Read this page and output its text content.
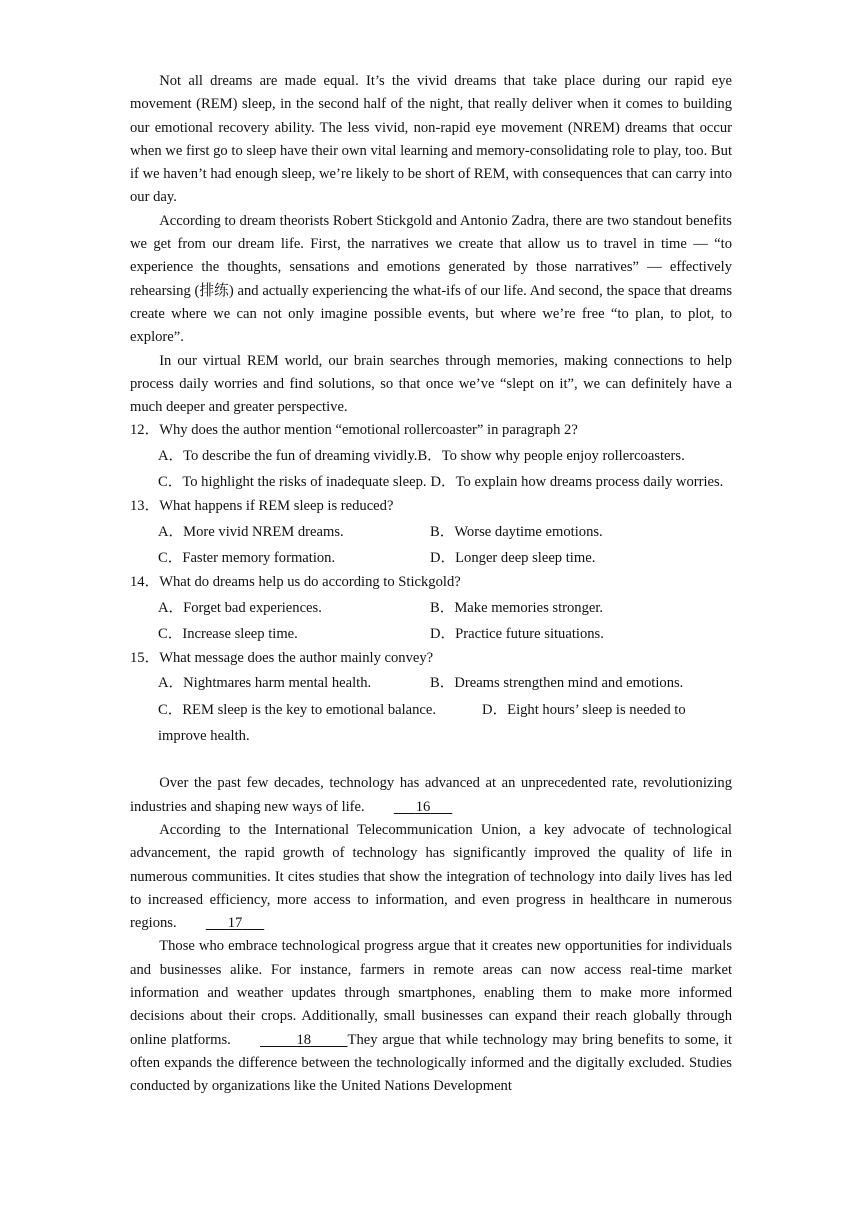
Not all dreams are made equal. It’s the vivid dreams that take place during our rapid eye movement (REM) sleep, in the second half of the night, that really deliver when it comes to building our emotional recovery ability. The less vivid, non-rapid eye movement (NREM) dreams that occur when we first go to sleep have their own vital learning and memory-consolidating role to play, too. But if we haven’t had enough sleep, we’re likely to be short of REM, with consequences that can carry into our day.

According to dream theorists Robert Stickgold and Antonio Zadra, there are two standout benefits we get from our dream life. First, the narratives we create that allow us to travel in time — “to experience the thoughts, sensations and emotions generated by those narratives” — effectively rehearsing (排练) and actually experiencing the what-ifs of our life. And second, the space that dreams create where we can not only imagine possible events, but where we’re free “to plan, to plot, to explore”.

In our virtual REM world, our brain searches through memories, making connections to help process daily worries and find solutions, so that once we’ve “slept on it”, we can definitely have a much deeper and greater perspective.

12．Why does the author mention “emotional rollercoaster” in paragraph 2?
A．To describe the fun of dreaming vividly. B．To show why people enjoy rollercoasters.
C．To highlight the risks of inadequate sleep. D．To explain how dreams process daily worries.
13．What happens if REM sleep is reduced?
A．More vivid NREM dreams.	B．Worse daytime emotions.
C．Faster memory formation.	D．Longer deep sleep time.
14．What do dreams help us do according to Stickgold?
A．Forget bad experiences.	B．Make memories stronger.
C．Increase sleep time.	D．Practice future situations.
15．What message does the author mainly convey?
A．Nightmares harm mental health.	B．Dreams strengthen mind and emotions.
C．REM sleep is the key to emotional balance.	D．Eight hours’ sleep is needed to improve health.

Over the past few decades, technology has advanced at an unprecedented rate, revolutionizing industries and shaping new ways of life.	16

According to the International Telecommunication Union, a key advocate of technological advancement, the rapid growth of technology has significantly improved the quality of life in numerous communities. It cites studies that show the integration of technology into daily lives has led to increased efficiency, more access to information, and even progress in healthcare in numerous regions.	17

Those who embrace technological progress argue that it creates new opportunities for individuals and businesses alike. For instance, farmers in remote areas can now access real-time market information and weather updates through smartphones, enabling them to make more informed decisions about their crops. Additionally, small businesses can expand their reach globally through online platforms.	18 They argue that while technology may bring benefits to some, it often expands the difference between the technologically informed and the digitally excluded. Studies conducted by organizations like the United Nations Development
